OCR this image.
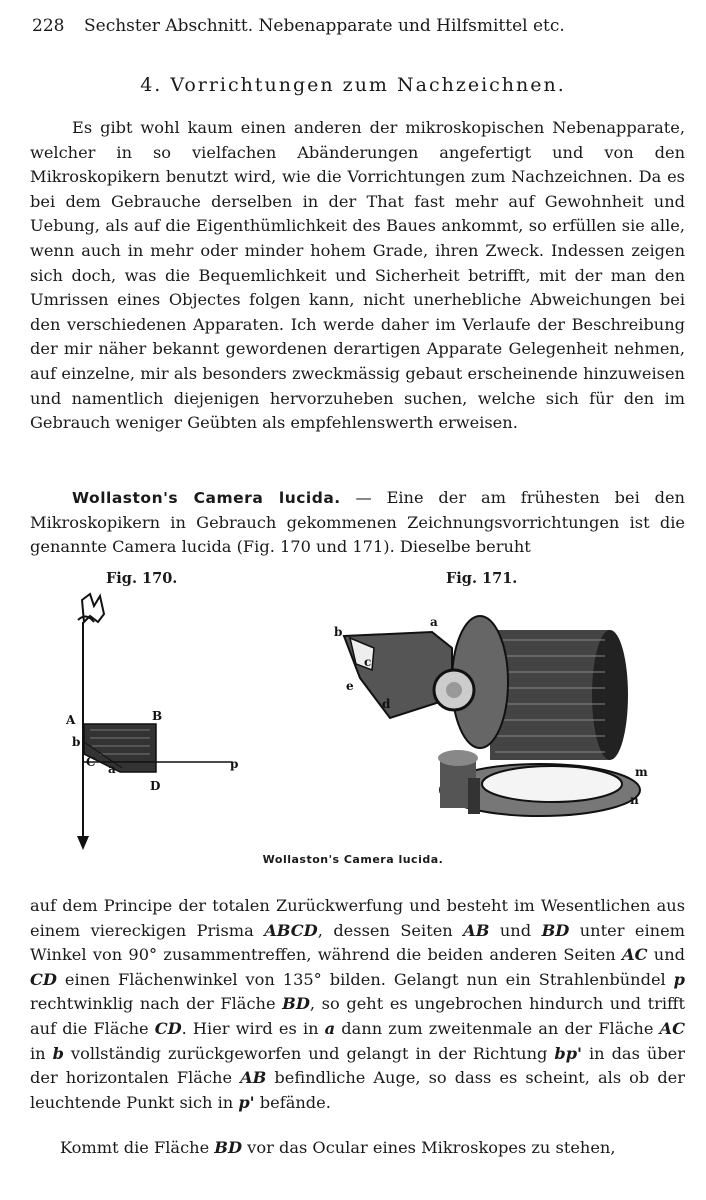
228 Sechster Abschnitt. Nebenapparate und Hilfsmittel etc.
4. Vorrichtungen zum Nachzeichnen.

Es gibt wohl kaum einen anderen der mikroskopischen Nebenapparate, welcher in so vielfachen Abänderungen angefertigt und von den Mikroskopikern benutzt wird, wie die Vorrichtungen zum Nachzeichnen. Da es bei dem Gebrauche derselben in der That fast mehr auf Gewohnheit und Uebung, als auf die Eigenthümlichkeit des Baues ankommt, so erfüllen sie alle, wenn auch in mehr oder minder hohem Grade, ihren Zweck. Indessen zeigen sich doch, was die Bequemlichkeit und Sicherheit betrifft, mit der man den Umrissen eines Objectes folgen kann, nicht unerhebliche Abweichungen bei den verschiedenen Apparaten. Ich werde daher im Verlaufe der Beschreibung der mir näher bekannt gewordenen derartigen Apparate Gelegenheit nehmen, auf einzelne, mir als besonders zweckmässig gebaut erscheinende hinzuweisen und namentlich diejenigen hervorzuheben suchen, welche sich für den im Gebrauch weniger Geübten als empfehlenswerth erweisen.

Wollaston's Camera lucida. — Eine der am frühesten bei den Mikroskopikern in Gebrauch gekommenen Zeichnungsvorrichtungen ist die genannte Camera lucida (Fig. 170 und 171). Dieselbe beruht

Fig. 170.	Fig. 171.
A	B
b
C a	p
D
b
a
c
e
d
m
n
Wollaston's Camera lucida.

auf dem Principe der totalen Zurückwerfung und besteht im Wesentlichen aus einem viereckigen Prisma ABCD, dessen Seiten AB und BD unter einem Winkel von 90° zusammentreffen, während die beiden anderen Seiten AC und CD einen Flächenwinkel von 135° bilden. Gelangt nun ein Strahlenbündel p rechtwinklig nach der Fläche BD, so geht es ungebrochen hindurch und trifft auf die Fläche CD. Hier wird es in a dann zum zweitenmale an der Fläche AC in b vollständig zurückgeworfen und gelangt in der Richtung bp' in das über der horizontalen Fläche AB befindliche Auge, so dass es scheint, als ob der leuchtende Punkt sich in p' befände.

Kommt die Fläche BD vor das Ocular eines Mikroskopes zu stehen,
